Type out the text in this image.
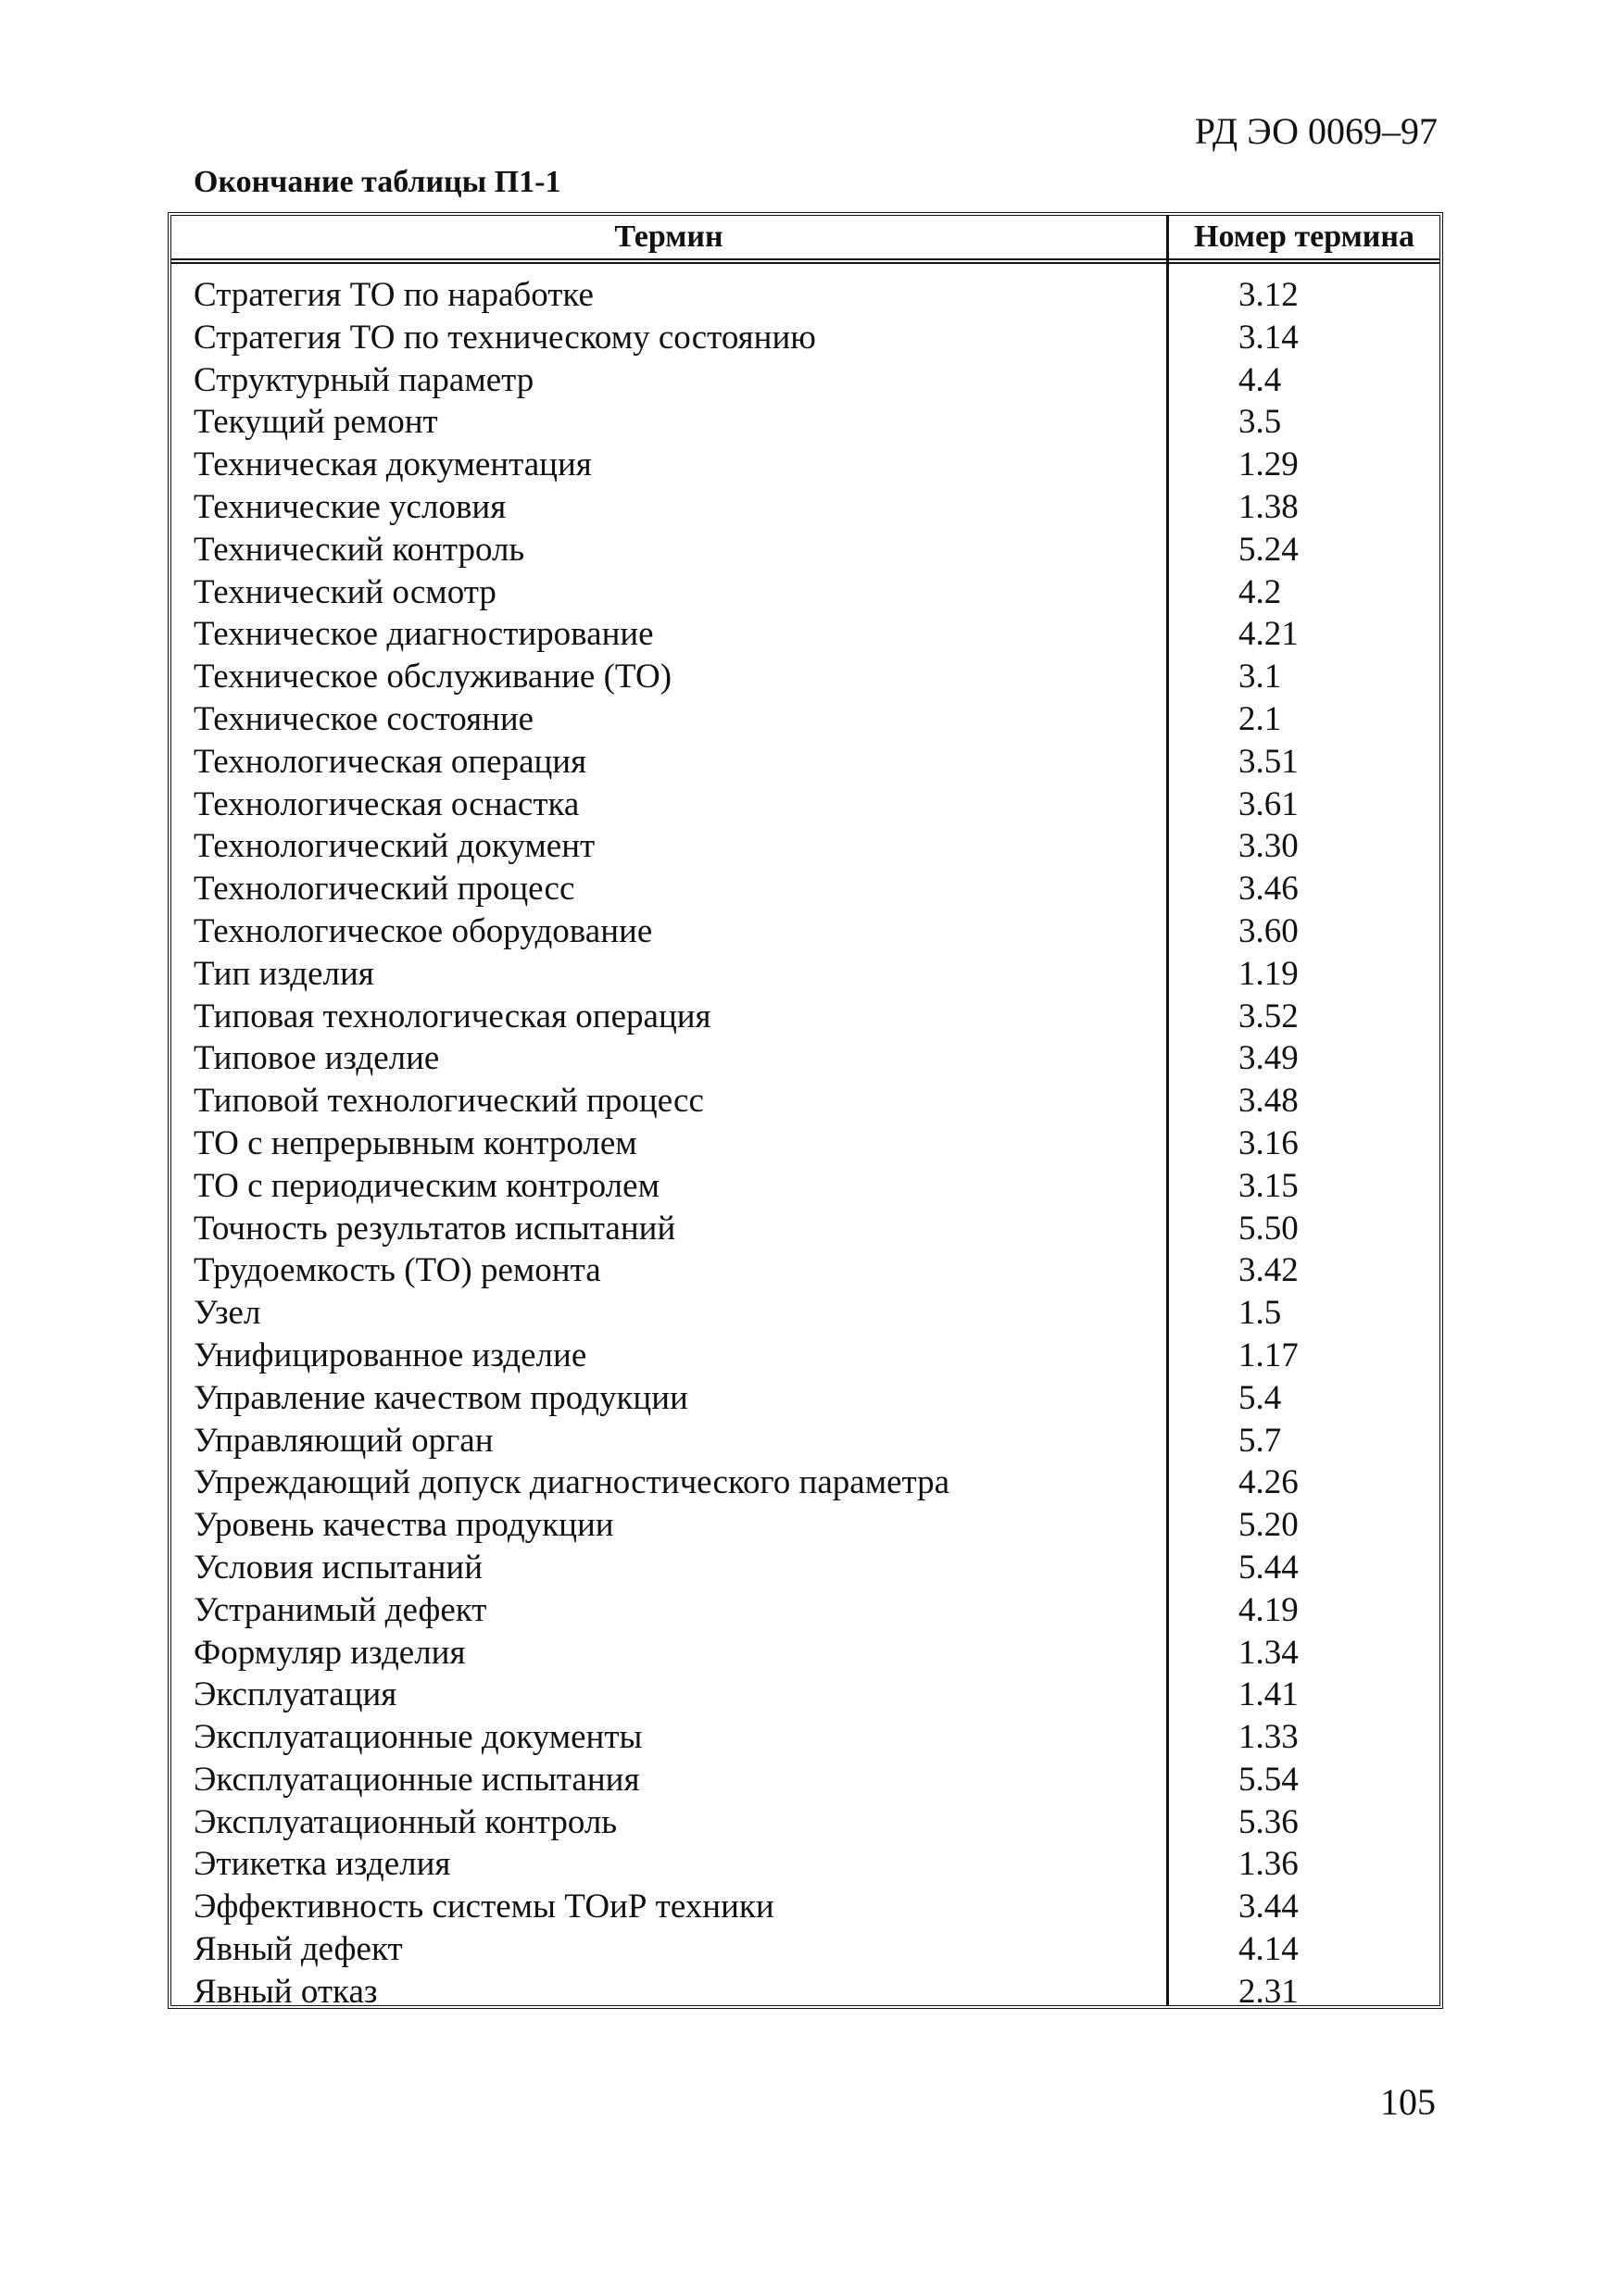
РД ЭО 0069–97
Окончание таблицы П1-1
Термин	Номер термина
Стратегия ТО по наработке	3.12
Стратегия ТО по техническому состоянию	3.14
Структурный параметр	4.4
Текущий ремонт	3.5
Техническая документация	1.29
Технические условия	1.38
Технический контроль	5.24
Технический осмотр	4.2
Техническое диагностирование	4.21
Техническое обслуживание (ТО)	3.1
Техническое состояние	2.1
Технологическая операция	3.51
Технологическая оснастка	3.61
Технологический документ	3.30
Технологический процесс	3.46
Технологическое оборудование	3.60
Тип изделия	1.19
Типовая технологическая операция	3.52
Типовое изделие	3.49
Типовой технологический процесс	3.48
ТО с непрерывным контролем	3.16
ТО с периодическим контролем	3.15
Точность результатов испытаний	5.50
Трудоемкость (ТО) ремонта	3.42
Узел	1.5
Унифицированное изделие	1.17
Управление качеством продукции	5.4
Управляющий орган	5.7
Упреждающий допуск диагностического параметра	4.26
Уровень качества продукции	5.20
Условия испытаний	5.44
Устранимый дефект	4.19
Формуляр изделия	1.34
Эксплуатация	1.41
Эксплуатационные документы	1.33
Эксплуатационные испытания	5.54
Эксплуатационный контроль	5.36
Этикетка изделия	1.36
Эффективность системы ТОиР техники	3.44
Явный дефект	4.14
Явный отказ	2.31
105
